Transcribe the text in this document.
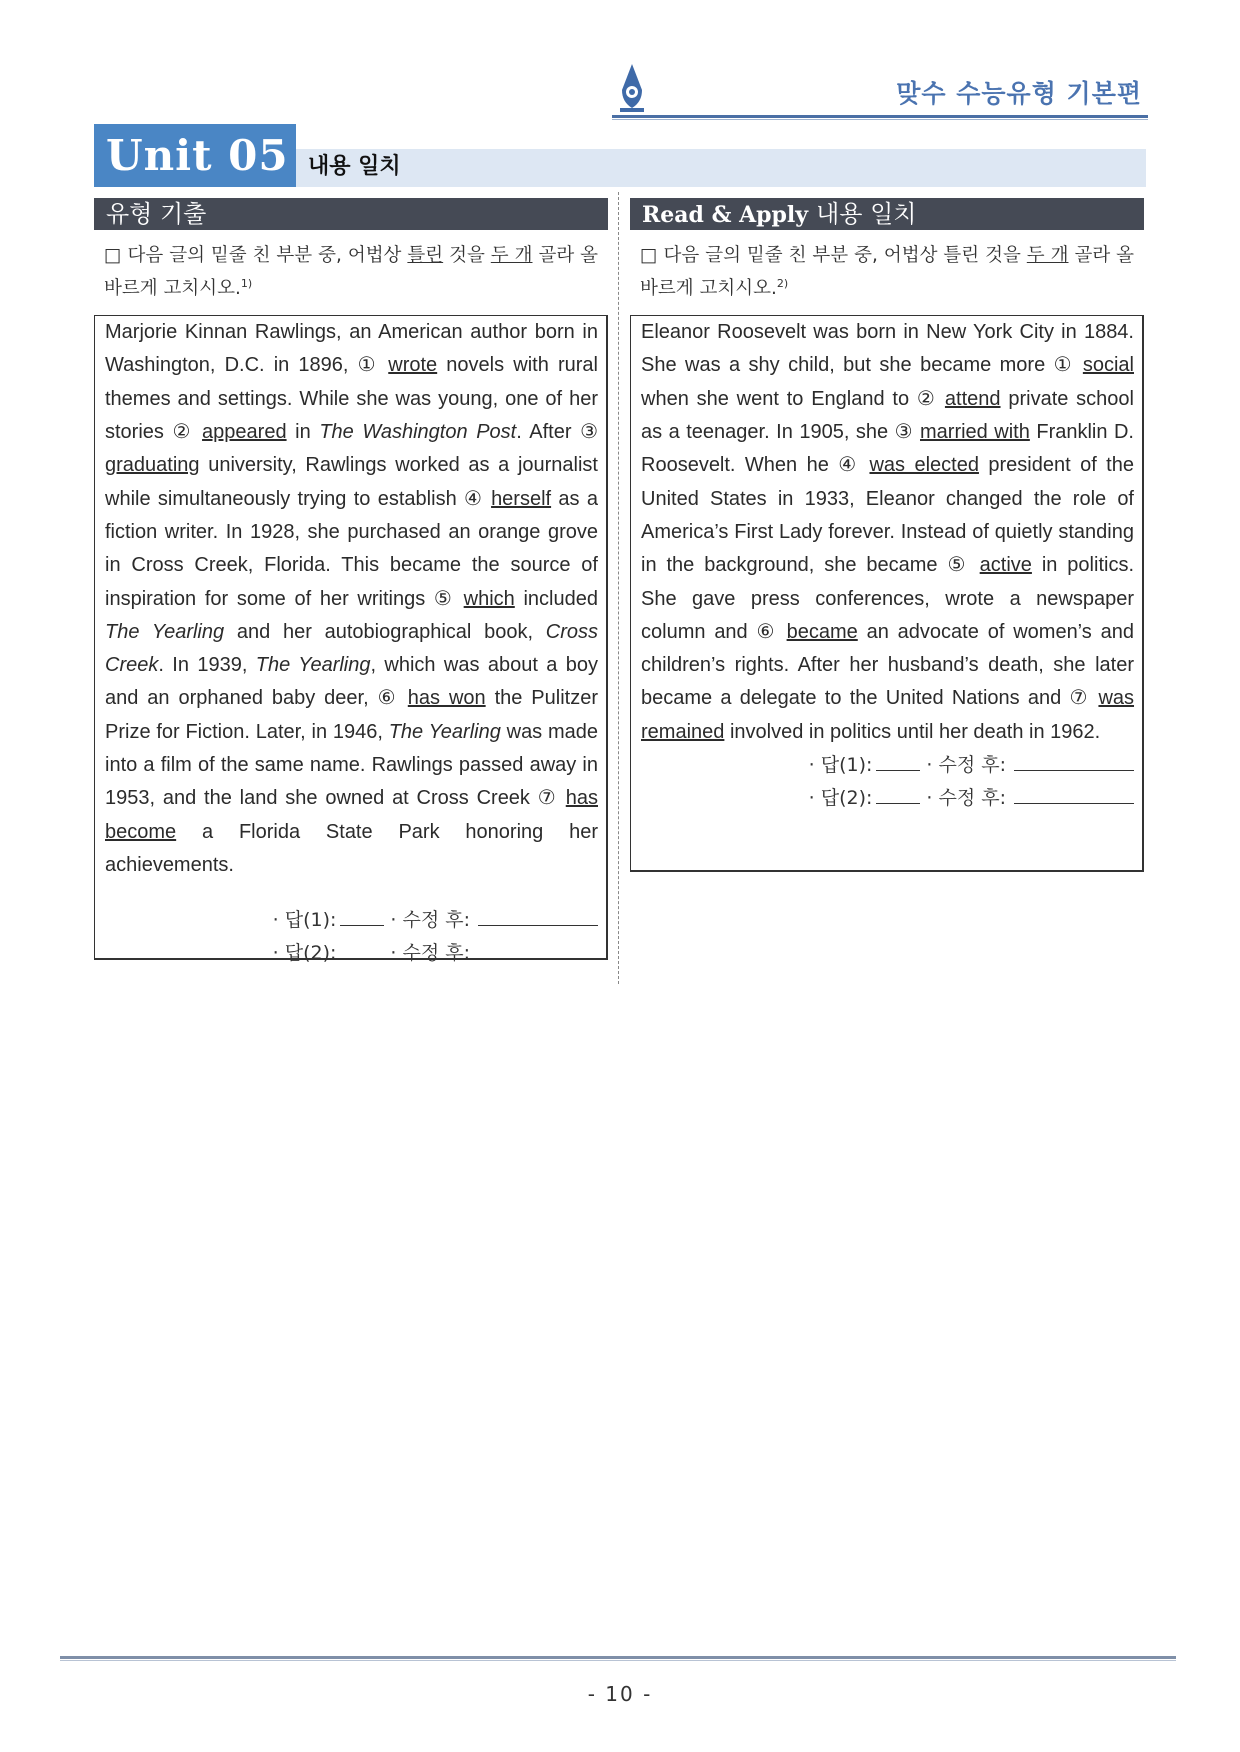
맞수 수능유형 기본편
Unit 05 내용 일치
유형 기출
□ 다음 글의 밑줄 친 부분 중, 어법상 틀린 것을 두 개 골라 올바르게 고치시오.$^{1)}$
Marjorie Kinnan Rawlings, an American author born in Washington, D.C. in 1896, ① wrote novels with rural themes and settings. While she was young, one of her stories ② appeared in The Washington Post. After ③ graduating university, Rawlings worked as a journalist while simultaneously trying to establish ④ herself as a fiction writer. In 1928, she purchased an orange grove in Cross Creek, Florida. This became the source of inspiration for some of her writings ⑤ which included The Yearling and her autobiographical book, Cross Creek. In 1939, The Yearling, which was about a boy and an orphaned baby deer, ⑥ has won the Pulitzer Prize for Fiction. Later, in 1946, The Yearling was made into a film of the same name. Rawlings passed away in 1953, and the land she owned at Cross Creek ⑦ has become a Florida State Park honoring her achievements.
· 답(1):	· 수정 후:
· 답(2):	· 수정 후:
Read & Apply 내용 일치
□ 다음 글의 밑줄 친 부분 중, 어법상 틀린 것을 두 개 골라 올바르게 고치시오.$^{2)}$
Eleanor Roosevelt was born in New York City in 1884. She was a shy child, but she became more ① social when she went to England to ② attend private school as a teenager. In 1905, she ③ married with Franklin D. Roosevelt. When he ④ was elected president of the United States in 1933, Eleanor changed the role of America’s First Lady forever. Instead of quietly standing in the background, she became ⑤ active in politics. She gave press conferences, wrote a newspaper column and ⑥ became an advocate of women’s and children’s rights. After her husband’s death, she later became a delegate to the United Nations and ⑦ was remained involved in politics until her death in 1962.
· 답(1):	· 수정 후:
· 답(2):	· 수정 후:
- 10 -
